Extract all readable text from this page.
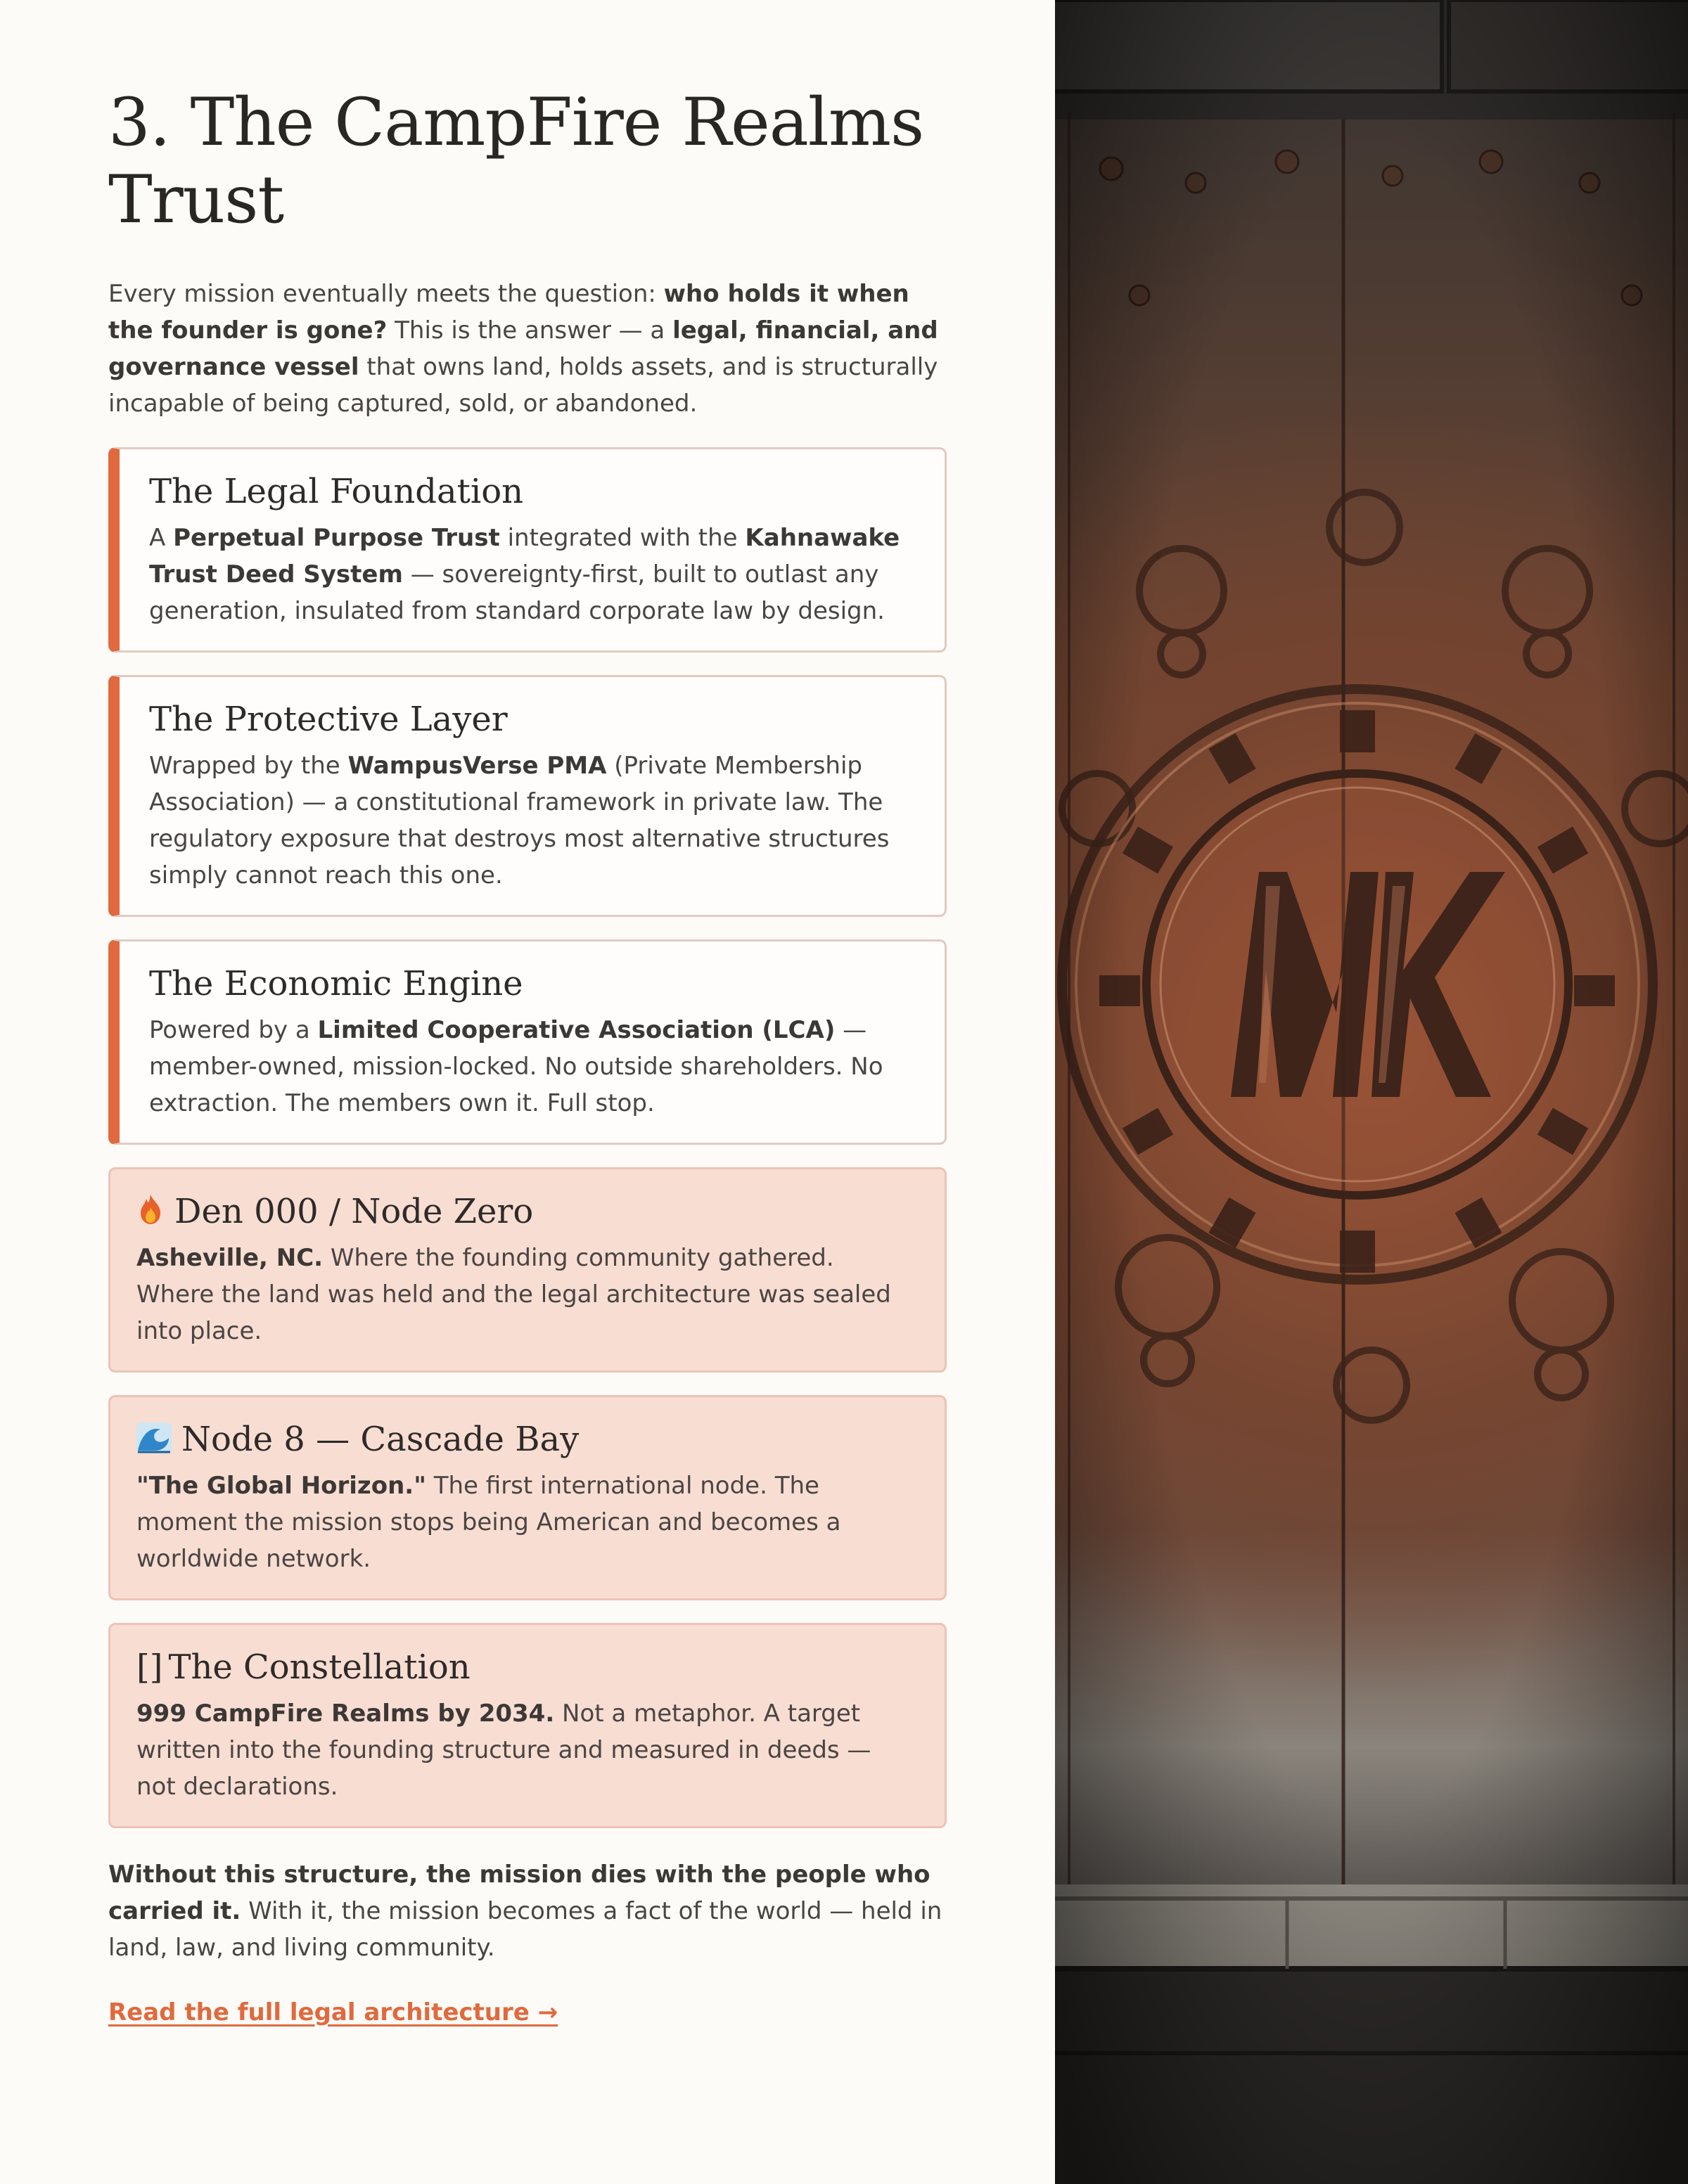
3. The CampFire Realms Trust

Every mission eventually meets the question: who holds it when the founder is gone? This is the answer — a legal, financial, and governance vessel that owns land, holds assets, and is structurally incapable of being captured, sold, or abandoned.

The Legal Foundation

A Perpetual Purpose Trust integrated with the Kahnawake Trust Deed System — sovereignty-first, built to outlast any generation, insulated from standard corporate law by design.

The Protective Layer

Wrapped by the WampusVerse PMA (Private Membership Association) — a constitutional framework in private law. The regulatory exposure that destroys most alternative structures simply cannot reach this one.

The Economic Engine

Powered by a Limited Cooperative Association (LCA) — member-owned, mission-locked. No outside shareholders. No extraction. The members own it. Full stop.

Den 000 / Node Zero

Asheville, NC. Where the founding community gathered. Where the land was held and the legal architecture was sealed into place.

Node 8 — Cascade Bay

"The Global Horizon." The first international node. The moment the mission stops being American and becomes a worldwide network.

[] The Constellation

999 CampFire Realms by 2034. Not a metaphor. A target written into the founding structure and measured in deeds — not declarations.

Without this structure, the mission dies with the people who carried it. With it, the mission becomes a fact of the world — held in land, law, and living community.

Read the full legal architecture →
